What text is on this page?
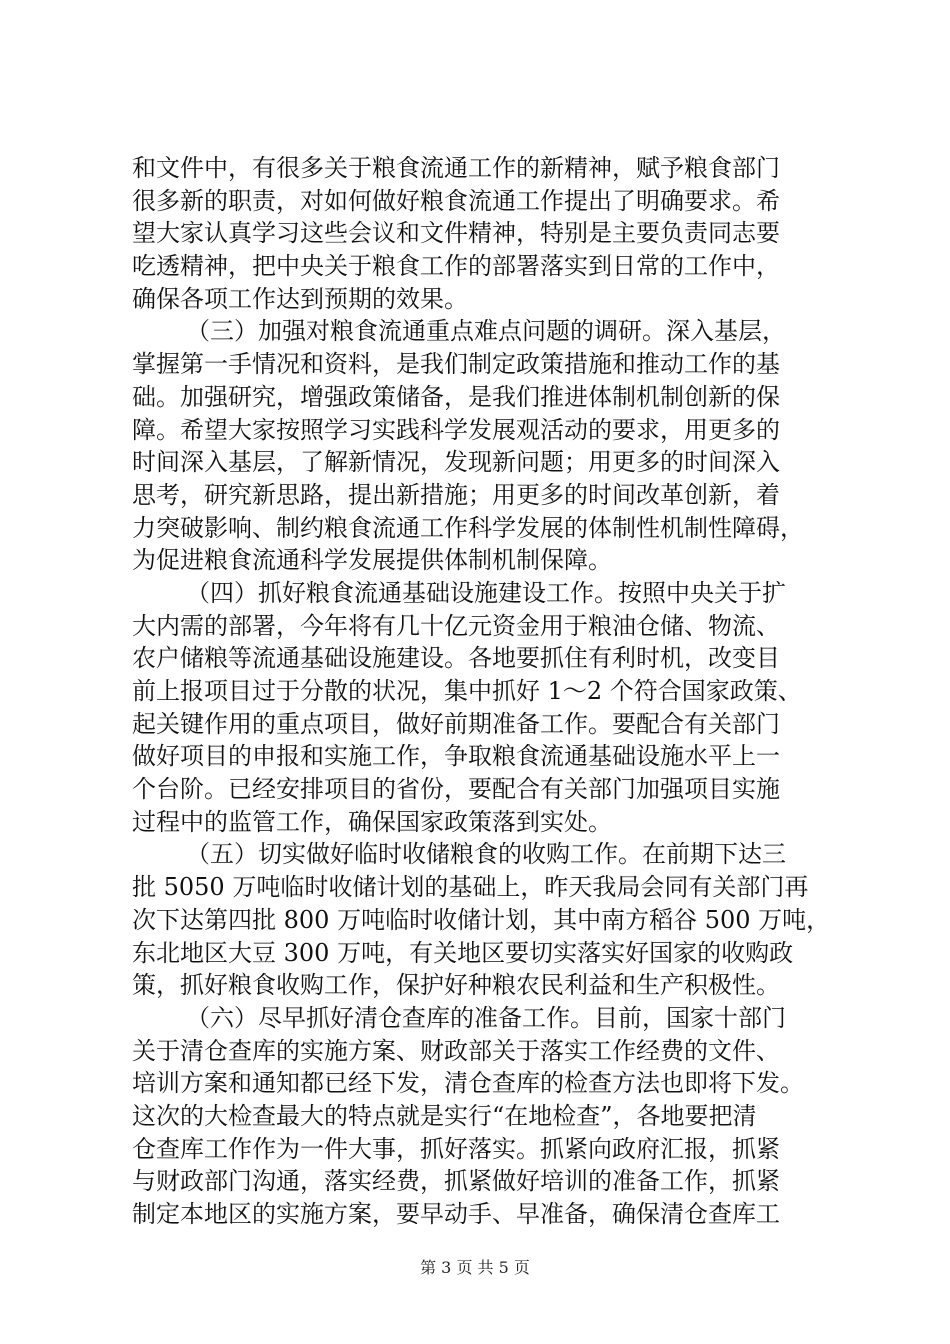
和文件中，有很多关于粮食流通工作的新精神，赋予粮食部门
很多新的职责，对如何做好粮食流通工作提出了明确要求。希
望大家认真学习这些会议和文件精神，特别是主要负责同志要
吃透精神，把中央关于粮食工作的部署落实到日常的工作中，
确保各项工作达到预期的效果。
（三）加强对粮食流通重点难点问题的调研。深入基层，
掌握第一手情况和资料，是我们制定政策措施和推动工作的基
础。加强研究，增强政策储备，是我们推进体制机制创新的保
障。希望大家按照学习实践科学发展观活动的要求，用更多的
时间深入基层，了解新情况，发现新问题；用更多的时间深入
思考，研究新思路，提出新措施；用更多的时间改革创新，着
力突破影响、制约粮食流通工作科学发展的体制性机制性障碍，
为促进粮食流通科学发展提供体制机制保障。
（四）抓好粮食流通基础设施建设工作。按照中央关于扩
大内需的部署，今年将有几十亿元资金用于粮油仓储、物流、
农户储粮等流通基础设施建设。各地要抓住有利时机，改变目
前上报项目过于分散的状况，集中抓好 1～2 个符合国家政策、
起关键作用的重点项目，做好前期准备工作。要配合有关部门
做好项目的申报和实施工作，争取粮食流通基础设施水平上一
个台阶。已经安排项目的省份，要配合有关部门加强项目实施
过程中的监管工作，确保国家政策落到实处。
（五）切实做好临时收储粮食的收购工作。在前期下达三
批 5050 万吨临时收储计划的基础上，昨天我局会同有关部门再
次下达第四批 800 万吨临时收储计划，其中南方稻谷 500 万吨，
东北地区大豆 300 万吨，有关地区要切实落实好国家的收购政
策，抓好粮食收购工作，保护好种粮农民利益和生产积极性。
（六）尽早抓好清仓查库的准备工作。目前，国家十部门
关于清仓查库的实施方案、财政部关于落实工作经费的文件、
培训方案和通知都已经下发，清仓查库的检查方法也即将下发。
这次的大检查最大的特点就是实行“在地检查”，各地要把清
仓查库工作作为一件大事，抓好落实。抓紧向政府汇报，抓紧
与财政部门沟通，落实经费，抓紧做好培训的准备工作，抓紧
制定本地区的实施方案，要早动手、早准备，确保清仓查库工
第 3 页 共 5 页
